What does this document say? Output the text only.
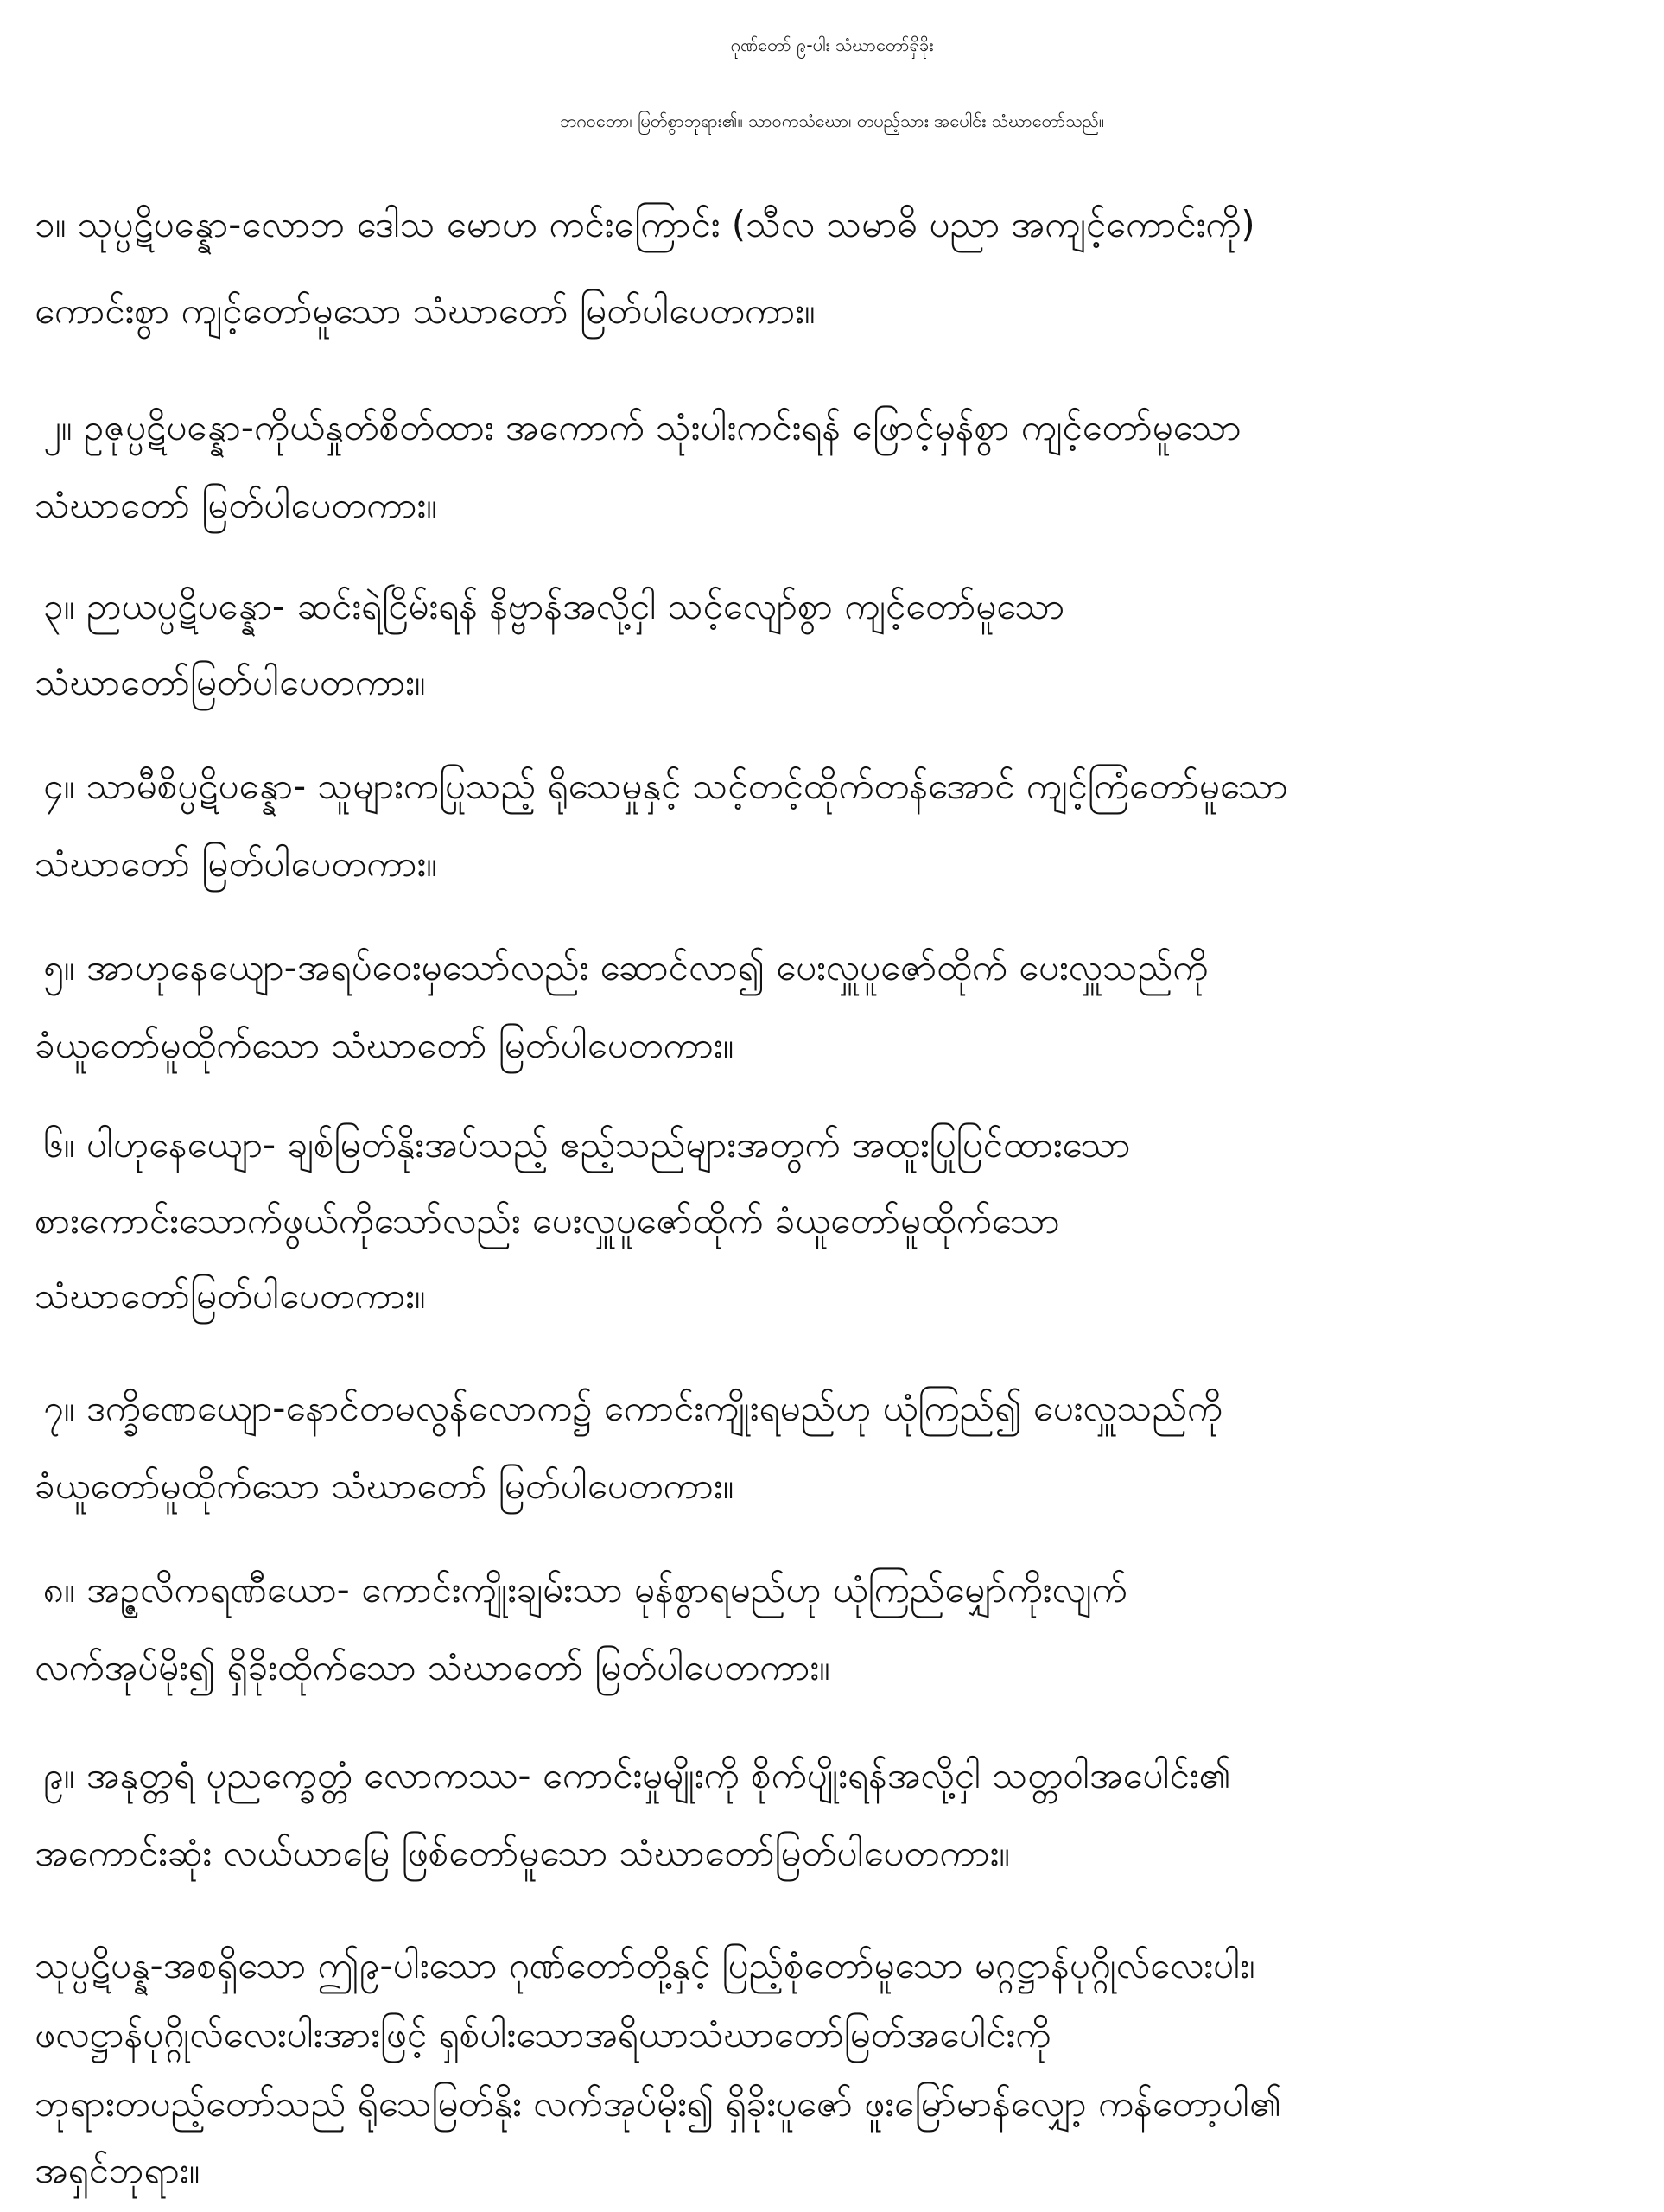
ဂုဏ်တော် ၉-ပါး သံဃာတော်ရှိခိုး
ဘဂဝတော၊ မြတ်စွာဘုရား၏။ သာဝကသံဃော၊ တပည့်သား အပေါင်း သံဃာတော်သည်။
၁။ သုပ္ပဋိပန္နော-လောဘ ဒေါသ မောဟ ကင်းကြောင်း (သီလ သမာဓိ ပညာ အကျင့်ကောင်းကို)
ကောင်းစွာ ကျင့်တော်မူသော သံဃာတော် မြတ်ပါပေတကား။
၂။ ဥဇုပ္ပဋိပန္နော-ကိုယ်နှုတ်စိတ်ထား အကောက် သုံးပါးကင်းရန် ဖြောင့်မှန်စွာ ကျင့်တော်မူသော
သံဃာတော် မြတ်ပါပေတကား။
၃။ ဉာယပ္ပဋိပန္နော- ဆင်းရဲငြိမ်းရန် နိဗ္ဗာန်အလို့ငှါ သင့်လျော်စွာ ကျင့်တော်မူသော
သံဃာတော်မြတ်ပါပေတကား။
၄။ သာမီစိပ္ပဋိပန္နော- သူများကပြုသည့် ရိုသေမှုနှင့် သင့်တင့်ထိုက်တန်အောင် ကျင့်ကြံတော်မူသော
သံဃာတော် မြတ်ပါပေတကား။
၅။ အာဟုနေယျော-အရပ်ဝေးမှသော်လည်း ဆောင်လာ၍ ပေးလှူပူဇော်ထိုက် ပေးလှူသည်ကို
ခံယူတော်မူထိုက်သော သံဃာတော် မြတ်ပါပေတကား။
၆။ ပါဟုနေယျော- ချစ်မြတ်နိုးအပ်သည့် ဧည့်သည်များအတွက် အထူးပြုပြင်ထားသော
စားကောင်းသောက်ဖွယ်ကိုသော်လည်း ပေးလှူပူဇော်ထိုက် ခံယူတော်မူထိုက်သော
သံဃာတော်မြတ်ပါပေတကား။
၇။ ဒက္ခိဏေယျော-နောင်တမလွန်လောက၌ ကောင်းကျိုးရမည်ဟု ယုံကြည်၍ ပေးလှူသည်ကို
ခံယူတော်မူထိုက်သော သံဃာတော် မြတ်ပါပေတကား။
၈။ အဉ္ဇလိကရဏီယော- ကောင်းကျိုးချမ်းသာ မုန်စွာရမည်ဟု ယုံကြည်မျှော်ကိုးလျက်
လက်အုပ်မိုး၍ ရှိခိုးထိုက်သော သံဃာတော် မြတ်ပါပေတကား။
၉။ အနုတ္တရံ ပုညက္ခေတ္တံ လောကဿ- ကောင်းမှုမျိုးကို စိုက်ပျိုးရန်အလို့ငှါ သတ္တဝါအပေါင်း၏
အကောင်းဆုံး လယ်ယာမြေ ဖြစ်တော်မူသော သံဃာတော်မြတ်ပါပေတကား။
သုပ္ပဋိပန္န-အစရှိသော ဤ၉-ပါးသော ဂုဏ်တော်တို့နှင့် ပြည့်စုံတော်မူသော မဂ္ဂဋ္ဌာန်ပုဂ္ဂိုလ်လေးပါး၊
ဖလဋ္ဌာန်ပုဂ္ဂိုလ်လေးပါးအားဖြင့် ရှစ်ပါးသောအရိယာသံဃာတော်မြတ်အပေါင်းကို
ဘုရားတပည့်တော်သည် ရိုသေမြတ်နိုး လက်အုပ်မိုး၍ ရှိခိုးပူဇော် ဖူးမြော်မာန်လျှော့ ကန်တော့ပါ၏
အရှင်ဘုရား။
